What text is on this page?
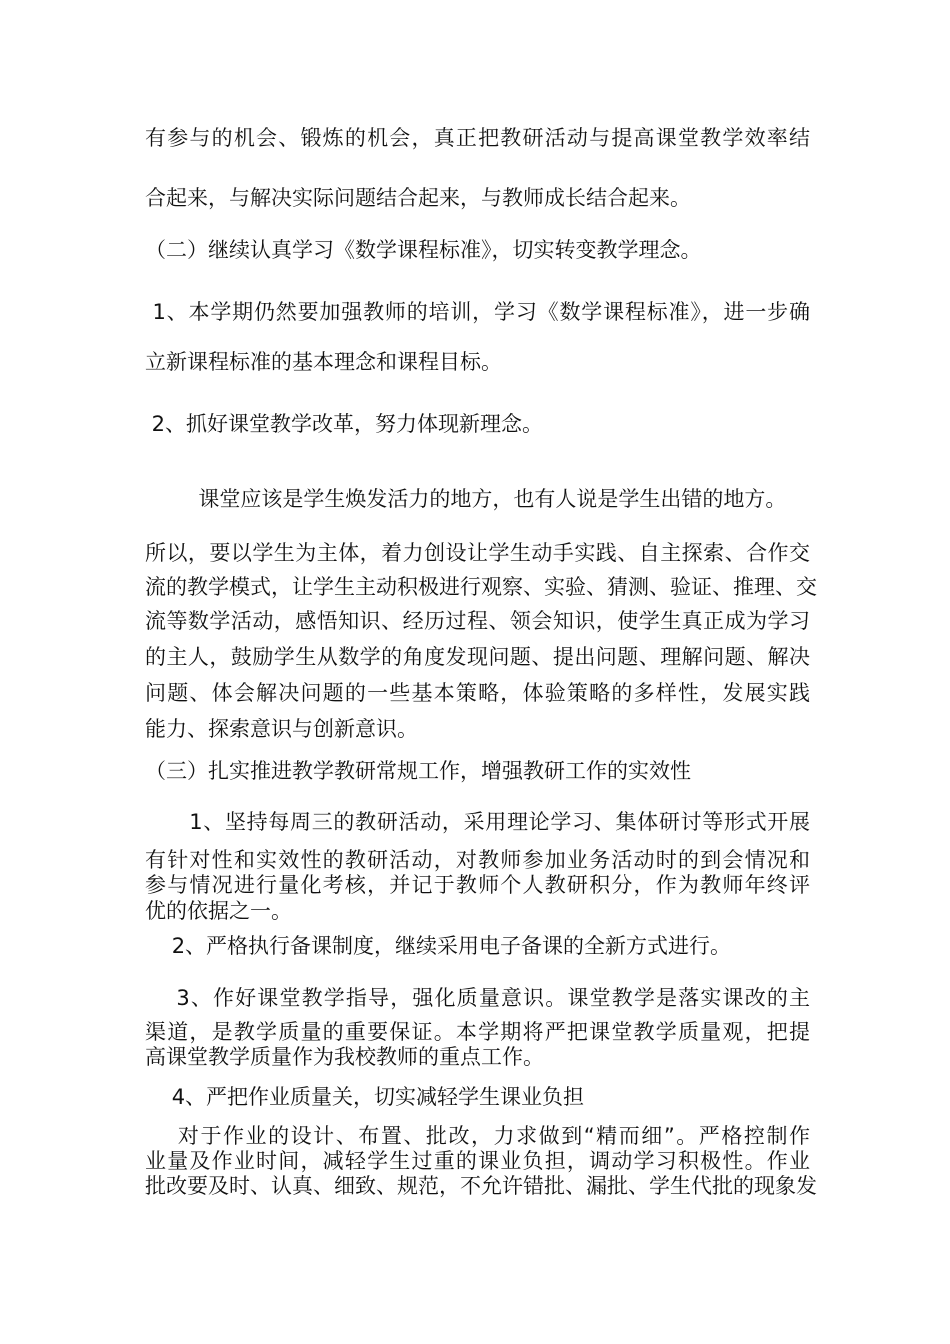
有参与的机会、锻炼的机会，真正把教研活动与提高课堂教学效率结
合起来，与解决实际问题结合起来，与教师成长结合起来。
（二）继续认真学习《数学课程标准》，切实转变教学理念。
1、本学期仍然要加强教师的培训，学习《数学课程标准》，进一步确
立新课程标准的基本理念和课程目标。
2、抓好课堂教学改革，努力体现新理念。
课堂应该是学生焕发活力的地方，也有人说是学生出错的地方。
所以，要以学生为主体，着力创设让学生动手实践、自主探索、合作交
流的教学模式，让学生主动积极进行观察、实验、猜测、验证、推理、交
流等数学活动，感悟知识、经历过程、领会知识，使学生真正成为学习
的主人，鼓励学生从数学的角度发现问题、提出问题、理解问题、解决
问题、体会解决问题的一些基本策略，体验策略的多样性，发展实践
能力、探索意识与创新意识。
（三）扎实推进教学教研常规工作，增强教研工作的实效性
1、坚持每周三的教研活动，采用理论学习、集体研讨等形式开展
有针对性和实效性的教研活动，对教师参加业务活动时的到会情况和
参与情况进行量化考核，并记于教师个人教研积分，作为教师年终评
优的依据之一。
2、严格执行备课制度，继续采用电子备课的全新方式进行。
3、作好课堂教学指导，强化质量意识。课堂教学是落实课改的主
渠道，是教学质量的重要保证。本学期将严把课堂教学质量观，把提
高课堂教学质量作为我校教师的重点工作。
4、严把作业质量关，切实减轻学生课业负担
对于作业的设计、布置、批改，力求做到“精而细”。严格控制作
业量及作业时间，减轻学生过重的课业负担，调动学习积极性。作业
批改要及时、认真、细致、规范，不允许错批、漏批、学生代批的现象发
